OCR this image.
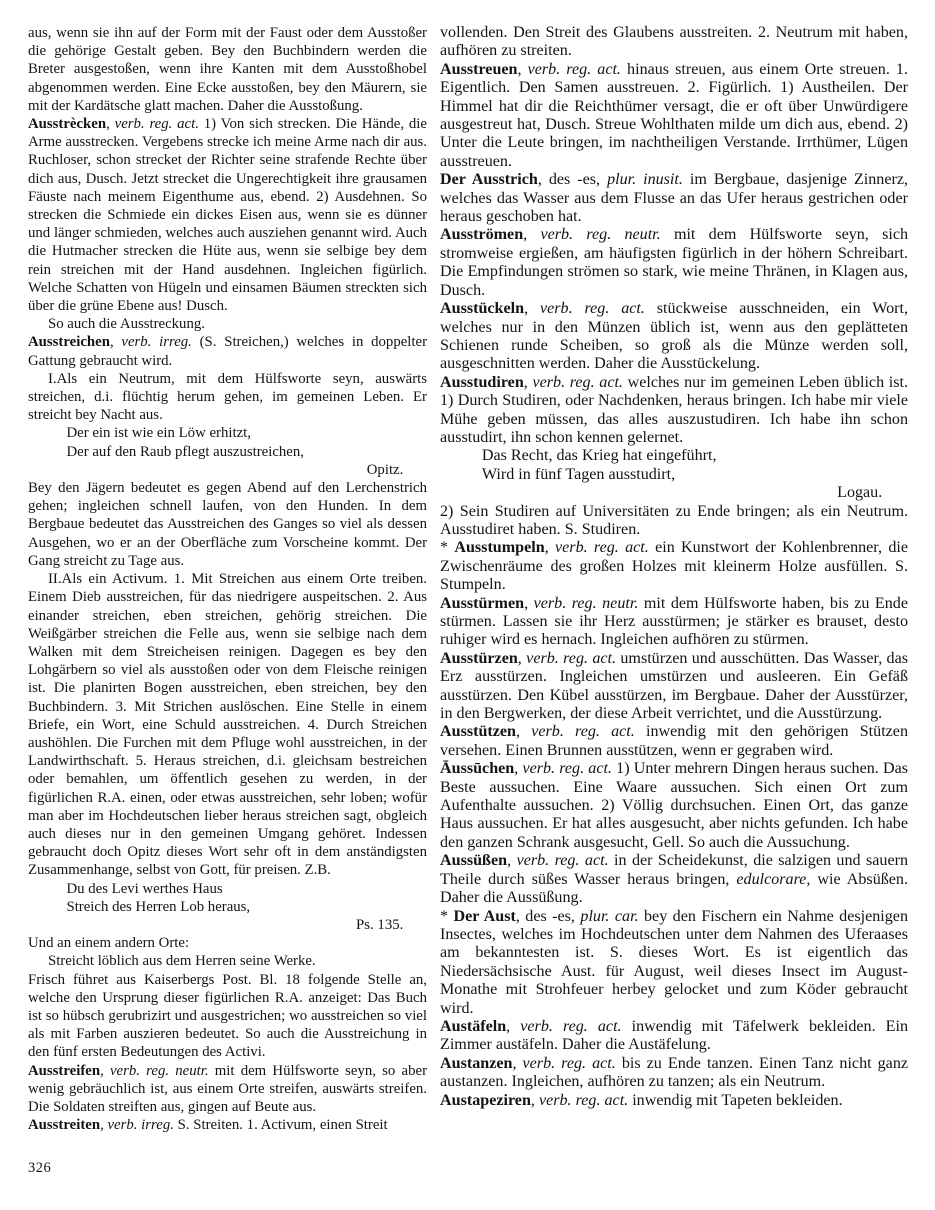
aus, wenn sie ihn auf der Form mit der Faust oder dem Ausstoßer die gehörige Gestalt geben. Bey den Buchbindern werden die Breter ausgestoßen, wenn ihre Kanten mit dem Ausstoßhobel abgenommen werden. Eine Ecke ausstoßen, bey den Mäurern, sie mit der Kardätsche glatt machen. Daher die Ausstoßung.
Ausstrècken, verb. reg. act. 1) Von sich strecken. Die Hände, die Arme ausstrecken. Vergebens strecke ich meine Arme nach dir aus. Ruchloser, schon strecket der Richter seine strafende Rechte über dich aus, Dusch. Jetzt strecket die Ungerechtigkeit ihre grausamen Fäuste nach meinem Eigenthume aus, ebend. 2) Ausdehnen. So strecken die Schmiede ein dickes Eisen aus, wenn sie es dünner und länger schmieden, welches auch ausziehen genannt wird. Auch die Hutmacher strecken die Hüte aus, wenn sie selbige bey dem rein streichen mit der Hand ausdehnen. Ingleichen figürlich. Welche Schatten von Hügeln und einsamen Bäumen streckten sich über die grüne Ebene aus! Dusch.
So auch die Ausstreckung.
Ausstreichen, verb. irreg. (S. Streichen,) welches in doppelter Gattung gebraucht wird.
I.Als ein Neutrum, mit dem Hülfsworte seyn, auswärts streichen, d.i. flüchtig herum gehen, im gemeinen Leben. Er streicht bey Nacht aus.
Der ein ist wie ein Löw erhitzt,
Der auf den Raub pflegt auszustreichen,
Opitz.
Bey den Jägern bedeutet es gegen Abend auf den Lerchenstrich gehen; ingleichen schnell laufen, von den Hunden. In dem Bergbaue bedeutet das Ausstreichen des Ganges so viel als dessen Ausgehen, wo er an der Oberfläche zum Vorscheine kommt. Der Gang streicht zu Tage aus.
II.Als ein Activum. 1. Mit Streichen aus einem Orte treiben. Einem Dieb ausstreichen, für das niedrigere auspeitschen. 2. Aus einander streichen, eben streichen, gehörig streichen. Die Weißgärber streichen die Felle aus, wenn sie selbige nach dem Walken mit dem Streicheisen reinigen. Dagegen es bey den Lohgärbern so viel als ausstoßen oder von dem Fleische reinigen ist. Die planirten Bogen ausstreichen, eben streichen, bey den Buchbindern. 3. Mit Strichen auslöschen. Eine Stelle in einem Briefe, ein Wort, eine Schuld ausstreichen. 4. Durch Streichen aushöhlen. Die Furchen mit dem Pfluge wohl ausstreichen, in der Landwirthschaft. 5. Heraus streichen, d.i. gleichsam bestreichen oder bemahlen, um öffentlich gesehen zu werden, in der figürlichen R.A. einen, oder etwas ausstreichen, sehr loben; wofür man aber im Hochdeutschen lieber heraus streichen sagt, obgleich auch dieses nur in den gemeinen Umgang gehöret. Indessen gebraucht doch Opitz dieses Wort sehr oft in dem anständigsten Zusammenhange, selbst von Gott, für preisen. Z.B.
Du des Levi werthes Haus
Streich des Herren Lob heraus,
Ps. 135.
Und an einem andern Orte:
Streicht löblich aus dem Herren seine Werke.
Frisch führet aus Kaiserbergs Post. Bl. 18 folgende Stelle an, welche den Ursprung dieser figürlichen R.A. anzeiget: Das Buch ist so hübsch gerubrizirt und ausgestrichen; wo ausstreichen so viel als mit Farben auszieren bedeutet. So auch die Ausstreichung in den fünf ersten Bedeutungen des Activi.
Ausstreifen, verb. reg. neutr. mit dem Hülfsworte seyn, so aber wenig gebräuchlich ist, aus einem Orte streifen, auswärts streifen. Die Soldaten streiften aus, gingen auf Beute aus.
Ausstreiten, verb. irreg. S. Streiten. 1. Activum, einen Streit
vollenden. Den Streit des Glaubens ausstreiten. 2. Neutrum mit haben, aufhören zu streiten.
Ausstreuen, verb. reg. act. hinaus streuen, aus einem Orte streuen. 1. Eigentlich. Den Samen ausstreuen. 2. Figürlich. 1) Austheilen. Der Himmel hat dir die Reichthümer versagt, die er oft über Unwürdigere ausgestreut hat, Dusch. Streue Wohlthaten milde um dich aus, ebend. 2) Unter die Leute bringen, im nachtheiligen Verstande. Irrthümer, Lügen ausstreuen.
Der Ausstrich, des -es, plur. inusit. im Bergbaue, dasjenige Zinnerz, welches das Wasser aus dem Flusse an das Ufer heraus gestrichen oder heraus geschoben hat.
Ausströmen, verb. reg. neutr. mit dem Hülfsworte seyn, sich stromweise ergießen, am häufigsten figürlich in der höhern Schreibart. Die Empfindungen strömen so stark, wie meine Thränen, in Klagen aus, Dusch.
Ausstückeln, verb. reg. act. stückweise ausschneiden, ein Wort, welches nur in den Münzen üblich ist, wenn aus den geplätteten Schienen runde Scheiben, so groß als die Münze werden soll, ausgeschnitten werden. Daher die Ausstückelung.
Ausstudiren, verb. reg. act. welches nur im gemeinen Leben üblich ist. 1) Durch Studiren, oder Nachdenken, heraus bringen. Ich habe mir viele Mühe geben müssen, das alles auszustudiren. Ich habe ihn schon ausstudirt, ihn schon kennen gelernet.
Das Recht, das Krieg hat eingeführt,
Wird in fünf Tagen ausstudirt,
Logau.
2) Sein Studiren auf Universitäten zu Ende bringen; als ein Neutrum. Ausstudiret haben. S. Studiren.
* Ausstumpeln, verb. reg. act. ein Kunstwort der Kohlenbrenner, die Zwischenräume des großen Holzes mit kleinerm Holze ausfüllen. S. Stumpeln.
Ausstürmen, verb. reg. neutr. mit dem Hülfsworte haben, bis zu Ende stürmen. Lassen sie ihr Herz ausstürmen; je stärker es brauset, desto ruhiger wird es hernach. Ingleichen aufhören zu stürmen.
Ausstürzen, verb. reg. act. umstürzen und ausschütten. Das Wasser, das Erz ausstürzen. Ingleichen umstürzen und ausleeren. Ein Gefäß ausstürzen. Den Kübel ausstürzen, im Bergbaue. Daher der Ausstürzer, in den Bergwerken, der diese Arbeit verrichtet, und die Ausstürzung.
Ausstützen, verb. reg. act. inwendig mit den gehörigen Stützen versehen. Einen Brunnen ausstützen, wenn er gegraben wird.
Āussūchen, verb. reg. act. 1) Unter mehrern Dingen heraus suchen. Das Beste aussuchen. Eine Waare aussuchen. Sich einen Ort zum Aufenthalte aussuchen. 2) Völlig durchsuchen. Einen Ort, das ganze Haus aussuchen. Er hat alles ausgesucht, aber nichts gefunden. Ich habe den ganzen Schrank ausgesucht, Gell. So auch die Aussuchung.
Aussüßen, verb. reg. act. in der Scheidekunst, die salzigen und sauern Theile durch süßes Wasser heraus bringen, edulcorare, wie Absüßen. Daher die Aussüßung.
* Der Aust, des -es, plur. car. bey den Fischern ein Nahme desjenigen Insectes, welches im Hochdeutschen unter dem Nahmen des Uferaases am bekanntesten ist. S. dieses Wort. Es ist eigentlich das Niedersächsische Aust. für August, weil dieses Insect im August-Monathe mit Strohfeuer herbey gelocket und zum Köder gebraucht wird.
Austäfeln, verb. reg. act. inwendig mit Täfelwerk bekleiden. Ein Zimmer austäfeln. Daher die Austäfelung.
Austanzen, verb. reg. act. bis zu Ende tanzen. Einen Tanz nicht ganz austanzen. Ingleichen, aufhören zu tanzen; als ein Neutrum.
Austapeziren, verb. reg. act. inwendig mit Tapeten bekleiden.
326
